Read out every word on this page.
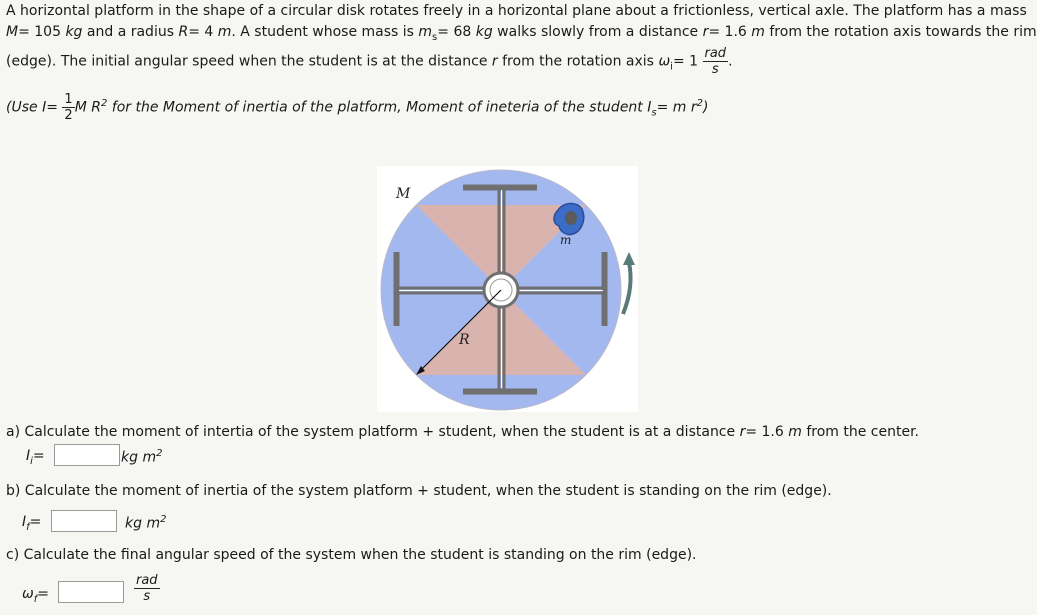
A horizontal platform in the shape of a circular disk rotates freely in a horizontal plane about a frictionless, vertical axle. The platform has a mass
M= 105 kg and a radius R= 4 m. A student whose mass is $m_s= 68$ kg walks slowly from a distance r= 1.6 m from the rotation axis towards the rim
(edge). The initial angular speed when the student is at the distance r from the rotation axis $\omega_i= 1 \frac{\text{rad}}{s}$ .
(Use $I= \frac{1}{2}$ M $R^2$ for the Moment of inertia of the platform, Moment of ineteria of the student $I_s= m$ $r^2$)
M
m
R
a) Calculate the moment of intertia of the system platform + student, when the student is at a distance r= 1.6 m from the center.
$I_i=$	kg $m^2$
b) Calculate the moment of inertia of the system platform + student, when the student is standing on the rim (edge).
$I_f=$	kg $m^2$
c) Calculate the final angular speed of the system when the student is standing on the rim (edge).
$\omega_f=$	$\frac{\text{rad}}{s}$
